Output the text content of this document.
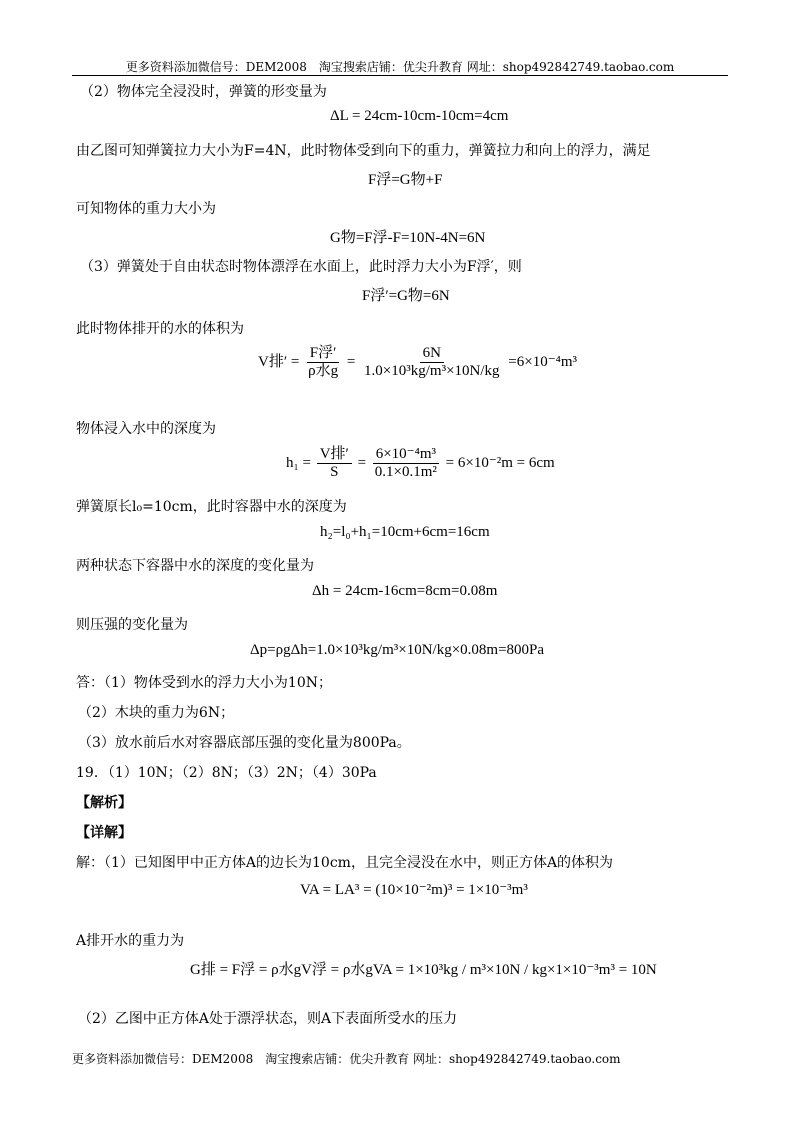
更多资料添加微信号：DEM2008　淘宝搜索店铺：优尖升教育 网址：shop492842749.taobao.com
（2）物体完全浸没时，弹簧的形变量为
ΔL = 24cm-10cm-10cm=4cm
由乙图可知弹簧拉力大小为F=4N，此时物体受到向下的重力，弹簧拉力和向上的浮力，满足
F浮=G物+F
可知物体的重力大小为
G物=F浮-F=10N-4N=6N
（3）弹簧处于自由状态时物体漂浮在水面上，此时浮力大小为F浮′，则
F浮′=G物=6N
此时物体排开的水的体积为
V排′ = $\frac{\text{F浮′}}{\text{ρ水g}} = \frac{6N}{\text{1.0×10³kg/m³×10N/kg}} =6\times 10^{-4}m^3$
物体浸入水中的深度为
$h_1 = \frac{\text{V排′}}{S} = \frac{\text{6×10⁻⁴m³}}{\text{0.1×0.1m²}} = 6\times 10^{-2}m = 6cm$
弹簧原长l₀=10cm，此时容器中水的深度为
h₂=l₀+h₁=10cm+6cm=16cm
两种状态下容器中水的深度的变化量为
Δh = 24cm-16cm=8cm=0.08m
则压强的变化量为
Δp=ρgΔh=1.0×10³kg/m³×10N/kg×0.08m=800Pa
答：（1）物体受到水的浮力大小为10N；
（2）木块的重力为6N；
（3）放水前后水对容器底部压强的变化量为800Pa。
19．（1）10N；（2）8N；（3）2N；（4）30Pa
【解析】
【详解】
解：（1）已知图甲中正方体A的边长为10cm，且完全浸没在水中，则正方体A的体积为
VA = LA³ = (10×10⁻²m)³ = 1×10⁻³m³
A排开水的重力为
G排 = F浮 = ρ水gV浮 = ρ水gVA = 1×10³kg / m³×10N / kg×1×10⁻³m³ = 10N
（2）乙图中正方体A处于漂浮状态，则A下表面所受水的压力
更多资料添加微信号：DEM2008　淘宝搜索店铺：优尖升教育 网址：shop492842749.taobao.com
